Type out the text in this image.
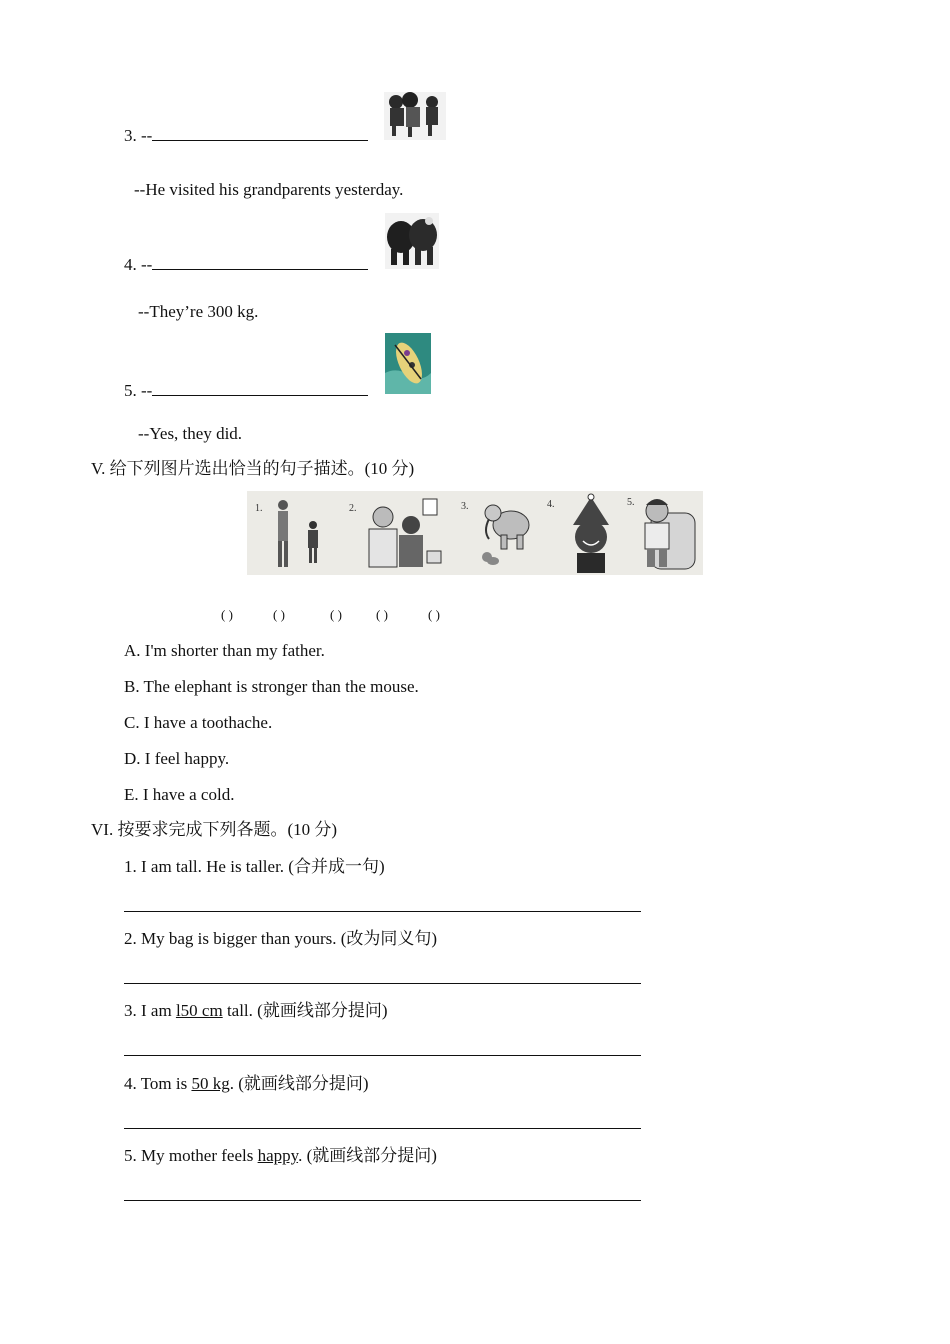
3. --
--He visited his grandparents yesterday.
4. --
--They’re 300 kg.
5. --
--Yes, they did.
V. 给下列图片选出恰当的句子描述。(10 分)
1.	2.	3.	4.	5.
( )	( )	( )	( )	( )
A. I'm shorter than my father.
B. The elephant is stronger than the mouse.
C. I have a toothache.
D. I feel happy.
E. I have a cold.
VI. 按要求完成下列各题。(10 分)
1. I am tall. He is taller. (合并成一句)
2. My bag is bigger than yours. (改为同义句)
3. I am l50 cm tall. (就画线部分提问)
4. Tom is 50 kg. (就画线部分提问)
5. My mother feels happy. (就画线部分提问)
